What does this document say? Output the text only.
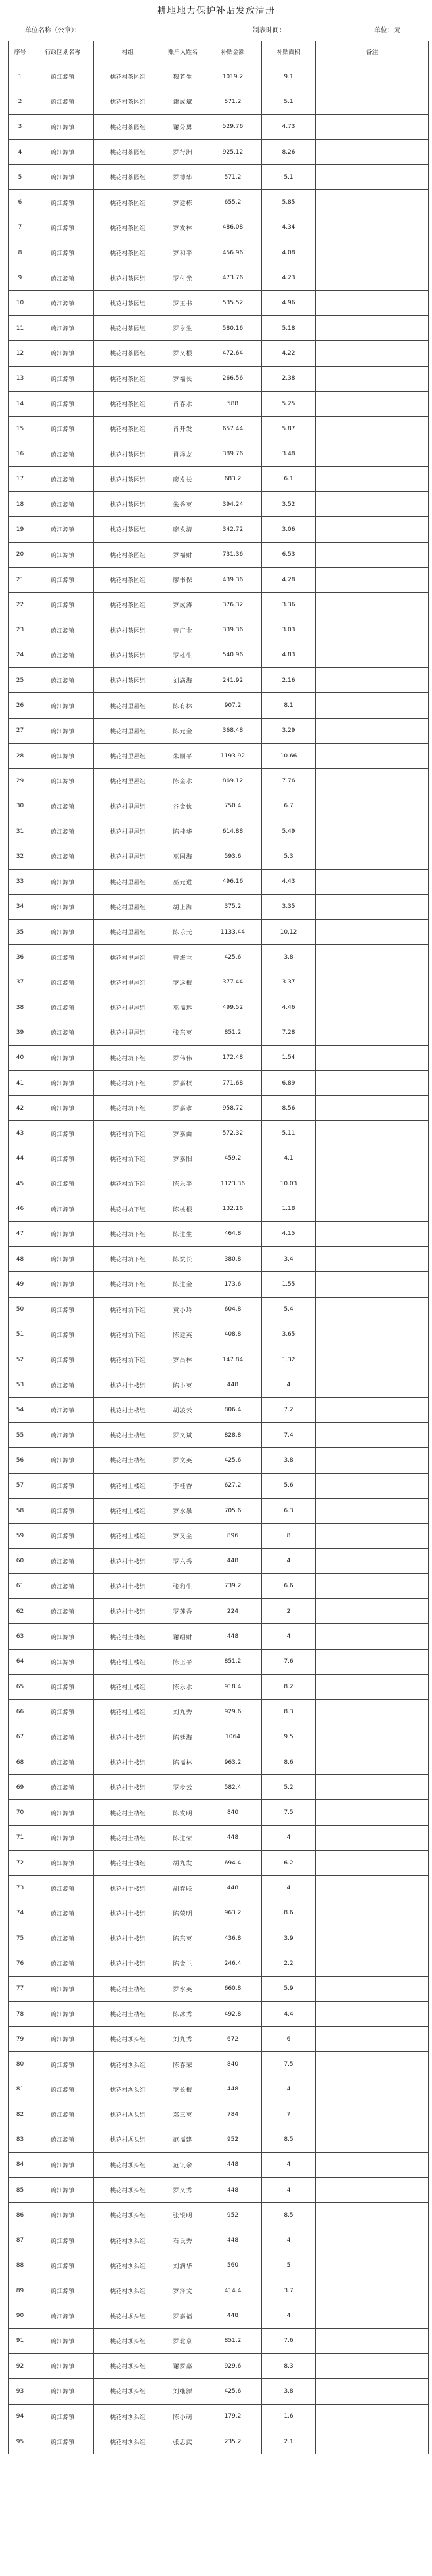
耕地地力保护补贴发放清册
单位名称（公章）：	制表时间：	单位：元
序号	行政区划名称	村组	账户人姓名	补贴金额	补贴面积	备注
1	蔚江源镇	桃花村茶园组	魏若生	1019.2	9.1	
2	蔚江源镇	桃花村茶园组	谢成斌	571.2	5.1	
3	蔚江源镇	桃花村茶园组	谢分勇	529.76	4.73	
4	蔚江源镇	桃花村茶园组	罗行洲	925.12	8.26	
5	蔚江源镇	桃花村茶园组	罗德华	571.2	5.1	
6	蔚江源镇	桃花村茶园组	罗建栋	655.2	5.85	
7	蔚江源镇	桃花村茶园组	罗发林	486.08	4.34	
8	蔚江源镇	桃花村茶园组	罗和平	456.96	4.08	
9	蔚江源镇	桃花村茶园组	罗付光	473.76	4.23	
10	蔚江源镇	桃花村茶园组	罗玉书	535.52	4.96	
11	蔚江源镇	桃花村茶园组	罗永生	580.16	5.18	
12	蔚江源镇	桃花村茶园组	罗又根	472.64	4.22	
13	蔚江源镇	桃花村茶园组	罗福长	266.56	2.38	
14	蔚江源镇	桃花村茶园组	肖春水	588	5.25	
15	蔚江源镇	桃花村茶园组	肖开发	657.44	5.87	
16	蔚江源镇	桃花村茶园组	肖泽友	389.76	3.48	
17	蔚江源镇	桃花村茶园组	廖发长	683.2	6.1	
18	蔚江源镇	桃花村茶园组	朱秀英	394.24	3.52	
19	蔚江源镇	桃花村茶园组	廖发清	342.72	3.06	
20	蔚江源镇	桃花村茶园组	罗福财	731.36	6.53	
21	蔚江源镇	桃花村茶园组	廖书保	439.36	4.28	
22	蔚江源镇	桃花村茶园组	罗成涛	376.32	3.36	
23	蔚江源镇	桃花村茶园组	曾广金	339.36	3.03	
24	蔚江源镇	桃花村茶园组	罗桃生	540.96	4.83	
25	蔚江源镇	桃花村茶园组	刘满海	241.92	2.16	
26	蔚江源镇	桃花村里屋组	陈有林	907.2	8.1	
27	蔚江源镇	桃花村里屋组	陈元金	368.48	3.29	
28	蔚江源镇	桃花村里屋组	朱顺平	1193.92	10.66	
29	蔚江源镇	桃花村里屋组	陈金水	869.12	7.76	
30	蔚江源镇	桃花村里屋组	谷金伙	750.4	6.7	
31	蔚江源镇	桃花村里屋组	陈桂华	614.88	5.49	
32	蔚江源镇	桃花村里屋组	巫国海	593.6	5.3	
33	蔚江源镇	桃花村里屋组	巫元进	496.16	4.43	
34	蔚江源镇	桃花村里屋组	胡上海	375.2	3.35	
35	蔚江源镇	桃花村里屋组	陈乐元	1133.44	10.12	
36	蔚江源镇	桃花村里屋组	曾海兰	425.6	3.8	
37	蔚江源镇	桃花村里屋组	罗远根	377.44	3.37	
38	蔚江源镇	桃花村里屋组	巫福远	499.52	4.46	
39	蔚江源镇	桃花村里屋组	张东英	851.2	7.28	
40	蔚江源镇	桃花村坑下组	罗伟伟	172.48	1.54	
41	蔚江源镇	桃花村坑下组	罗嘉权	771.68	6.89	
42	蔚江源镇	桃花村坑下组	罗嘉水	958.72	8.56	
43	蔚江源镇	桃花村坑下组	罗嘉由	572.32	5.11	
44	蔚江源镇	桃花村坑下组	罗嘉阳	459.2	4.1	
45	蔚江源镇	桃花村坑下组	陈乐平	1123.36	10.03	
46	蔚江源镇	桃花村坑下组	陈桃根	132.16	1.18	
47	蔚江源镇	桃花村坑下组	陈进生	464.8	4.15	
48	蔚江源镇	桃花村坑下组	陈斌长	380.8	3.4	
49	蔚江源镇	桃花村坑下组	陈进金	173.6	1.55	
50	蔚江源镇	桃花村坑下组	黄小玲	604.8	5.4	
51	蔚江源镇	桃花村坑下组	陈建英	408.8	3.65	
52	蔚江源镇	桃花村坑下组	罗昌林	147.84	1.32	
53	蔚江源镇	桃花村土楼组	陈小英	448	4	
54	蔚江源镇	桃花村土楼组	胡凌云	806.4	7.2	
55	蔚江源镇	桃花村土楼组	罗又斌	828.8	7.4	
56	蔚江源镇	桃花村土楼组	罗文英	425.6	3.8	
57	蔚江源镇	桃花村土楼组	李桂香	627.2	5.6	
58	蔚江源镇	桃花村土楼组	罗水泉	705.6	6.3	
59	蔚江源镇	桃花村土楼组	罗又金	896	8	
60	蔚江源镇	桃花村土楼组	罗六秀	448	4	
61	蔚江源镇	桃花村土楼组	张和生	739.2	6.6	
62	蔚江源镇	桃花村土楼组	罗莲香	224	2	
63	蔚江源镇	桃花村土楼组	谢绍财	448	4	
64	蔚江源镇	桃花村土楼组	陈正平	851.2	7.6	
65	蔚江源镇	桃花村土楼组	陈乐水	918.4	8.2	
66	蔚江源镇	桃花村土楼组	刘九秀	929.6	8.3	
67	蔚江源镇	桃花村土楼组	陈廷海	1064	9.5	
68	蔚江源镇	桃花村土楼组	陈福林	963.2	8.6	
69	蔚江源镇	桃花村土楼组	罗步云	582.4	5.2	
70	蔚江源镇	桃花村土楼组	陈发明	840	7.5	
71	蔚江源镇	桃花村土楼组	陈进荣	448	4	
72	蔚江源镇	桃花村土楼组	胡九发	694.4	6.2	
73	蔚江源镇	桃花村土楼组	胡春联	448	4	
74	蔚江源镇	桃花村土楼组	陈荣明	963.2	8.6	
75	蔚江源镇	桃花村土楼组	陈东英	436.8	3.9	
76	蔚江源镇	桃花村土楼组	陈金兰	246.4	2.2	
77	蔚江源镇	桃花村土楼组	罗水英	660.8	5.9	
78	蔚江源镇	桃花村土楼组	陈冰秀	492.8	4.4	
79	蔚江源镇	桃花村坝头组	刘九秀	672	6	
80	蔚江源镇	桃花村坝头组	陈春荣	840	7.5	
81	蔚江源镇	桃花村坝头组	罗长根	448	4	
82	蔚江源镇	桃花村坝头组	邓三英	784	7	
83	蔚江源镇	桃花村坝头组	范福建	952	8.5	
84	蔚江源镇	桃花村坝头组	范讯余	448	4	
85	蔚江源镇	桃花村坝头组	罗又秀	448	4	
86	蔚江源镇	桃花村坝头组	张银明	952	8.5	
87	蔚江源镇	桃花村坝头组	石氏秀	448	4	
88	蔚江源镇	桃花村坝头组	刘满华	560	5	
89	蔚江源镇	桃花村坝头组	罗泽文	414.4	3.7	
90	蔚江源镇	桃花村坝头组	罗嘉福	448	4	
91	蔚江源镇	桃花村坝头组	罗北京	851.2	7.6	
92	蔚江源镇	桃花村坝头组	谢罗嘉	929.6	8.3	
93	蔚江源镇	桃花村坝头组	刘继源	425.6	3.8	
94	蔚江源镇	桃花村坝头组	陈小萌	179.2	1.6	
95	蔚江源镇	桃花村坝头组	张忠武	235.2	2.1	
